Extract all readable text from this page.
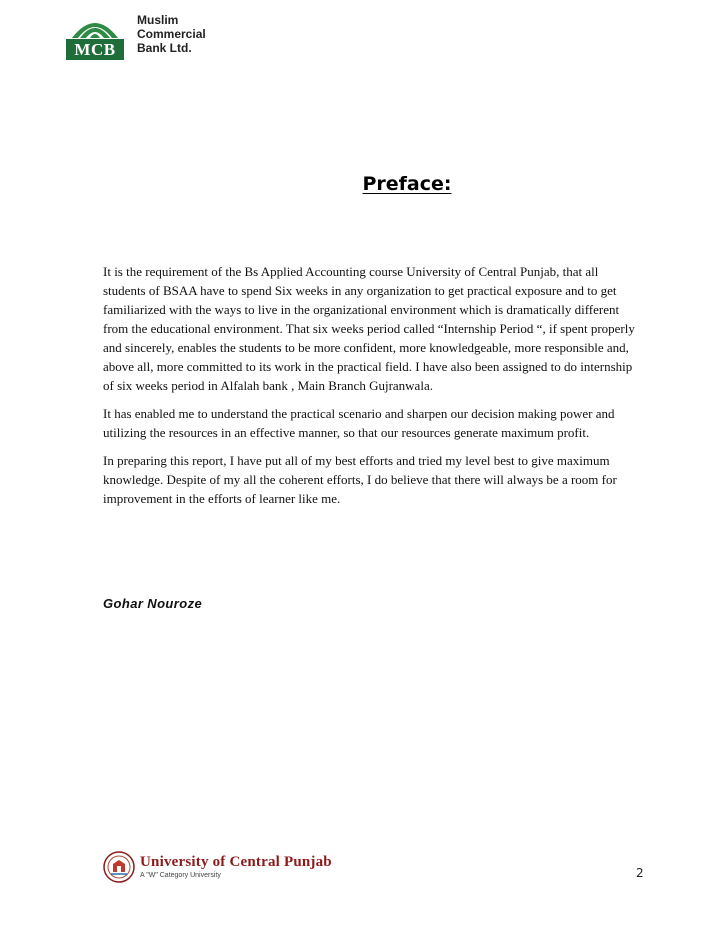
MCB
Muslim
Commercial
Bank Ltd.
Preface:

It is the requirement of the Bs Applied Accounting course University of Central Punjab, that all students of BSAA have to spend Six weeks in any organization to get practical exposure and to get familiarized with the ways to live in the organizational environment which is dramatically different from the educational environment. That six weeks period called “Internship Period “, if spent properly and sincerely, enables the students to be more confident, more knowledgeable, more responsible and, above all, more committed to its work in the practical field. I have also been assigned to do internship of six weeks period in Alfalah bank , Main Branch Gujranwala.

It has enabled me to understand the practical scenario and sharpen our decision making power and utilizing the resources in an effective manner, so that our resources generate maximum profit.

In preparing this report, I have put all of my best efforts and tried my level best to give maximum knowledge. Despite of my all the coherent efforts, I do believe that there will always be a room for improvement in the efforts of learner like me.

Gohar Nouroze
University of Central Punjab
A "W" Category University	2
